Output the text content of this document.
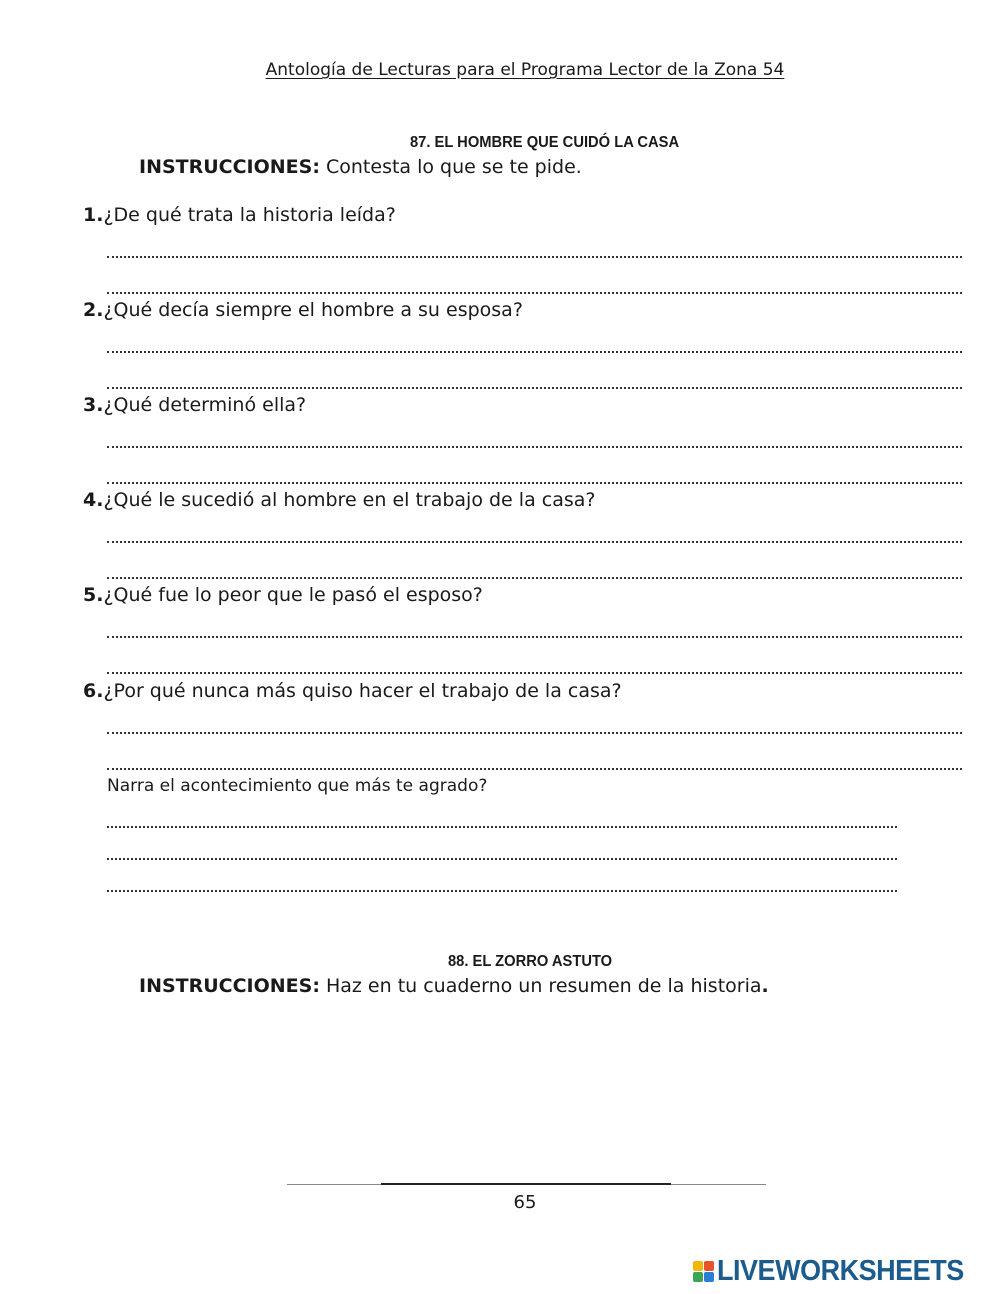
Antología de Lecturas para el Programa Lector de la Zona 54
87. EL HOMBRE QUE CUIDÓ LA CASA
INSTRUCCIONES: Contesta lo que se te pide.
1.¿De qué trata la historia leída?
2.¿Qué decía siempre el hombre a su esposa?
3.¿Qué determinó ella?
4.¿Qué le sucedió al hombre en el trabajo de la casa?
5.¿Qué fue lo peor que le pasó el esposo?
6.¿Por qué nunca más quiso hacer el trabajo de la casa?
Narra el acontecimiento que más te agrado?
88. EL ZORRO ASTUTO
INSTRUCCIONES: Haz en tu cuaderno un resumen de la historia.
65
LIVEWORKSHEETS
